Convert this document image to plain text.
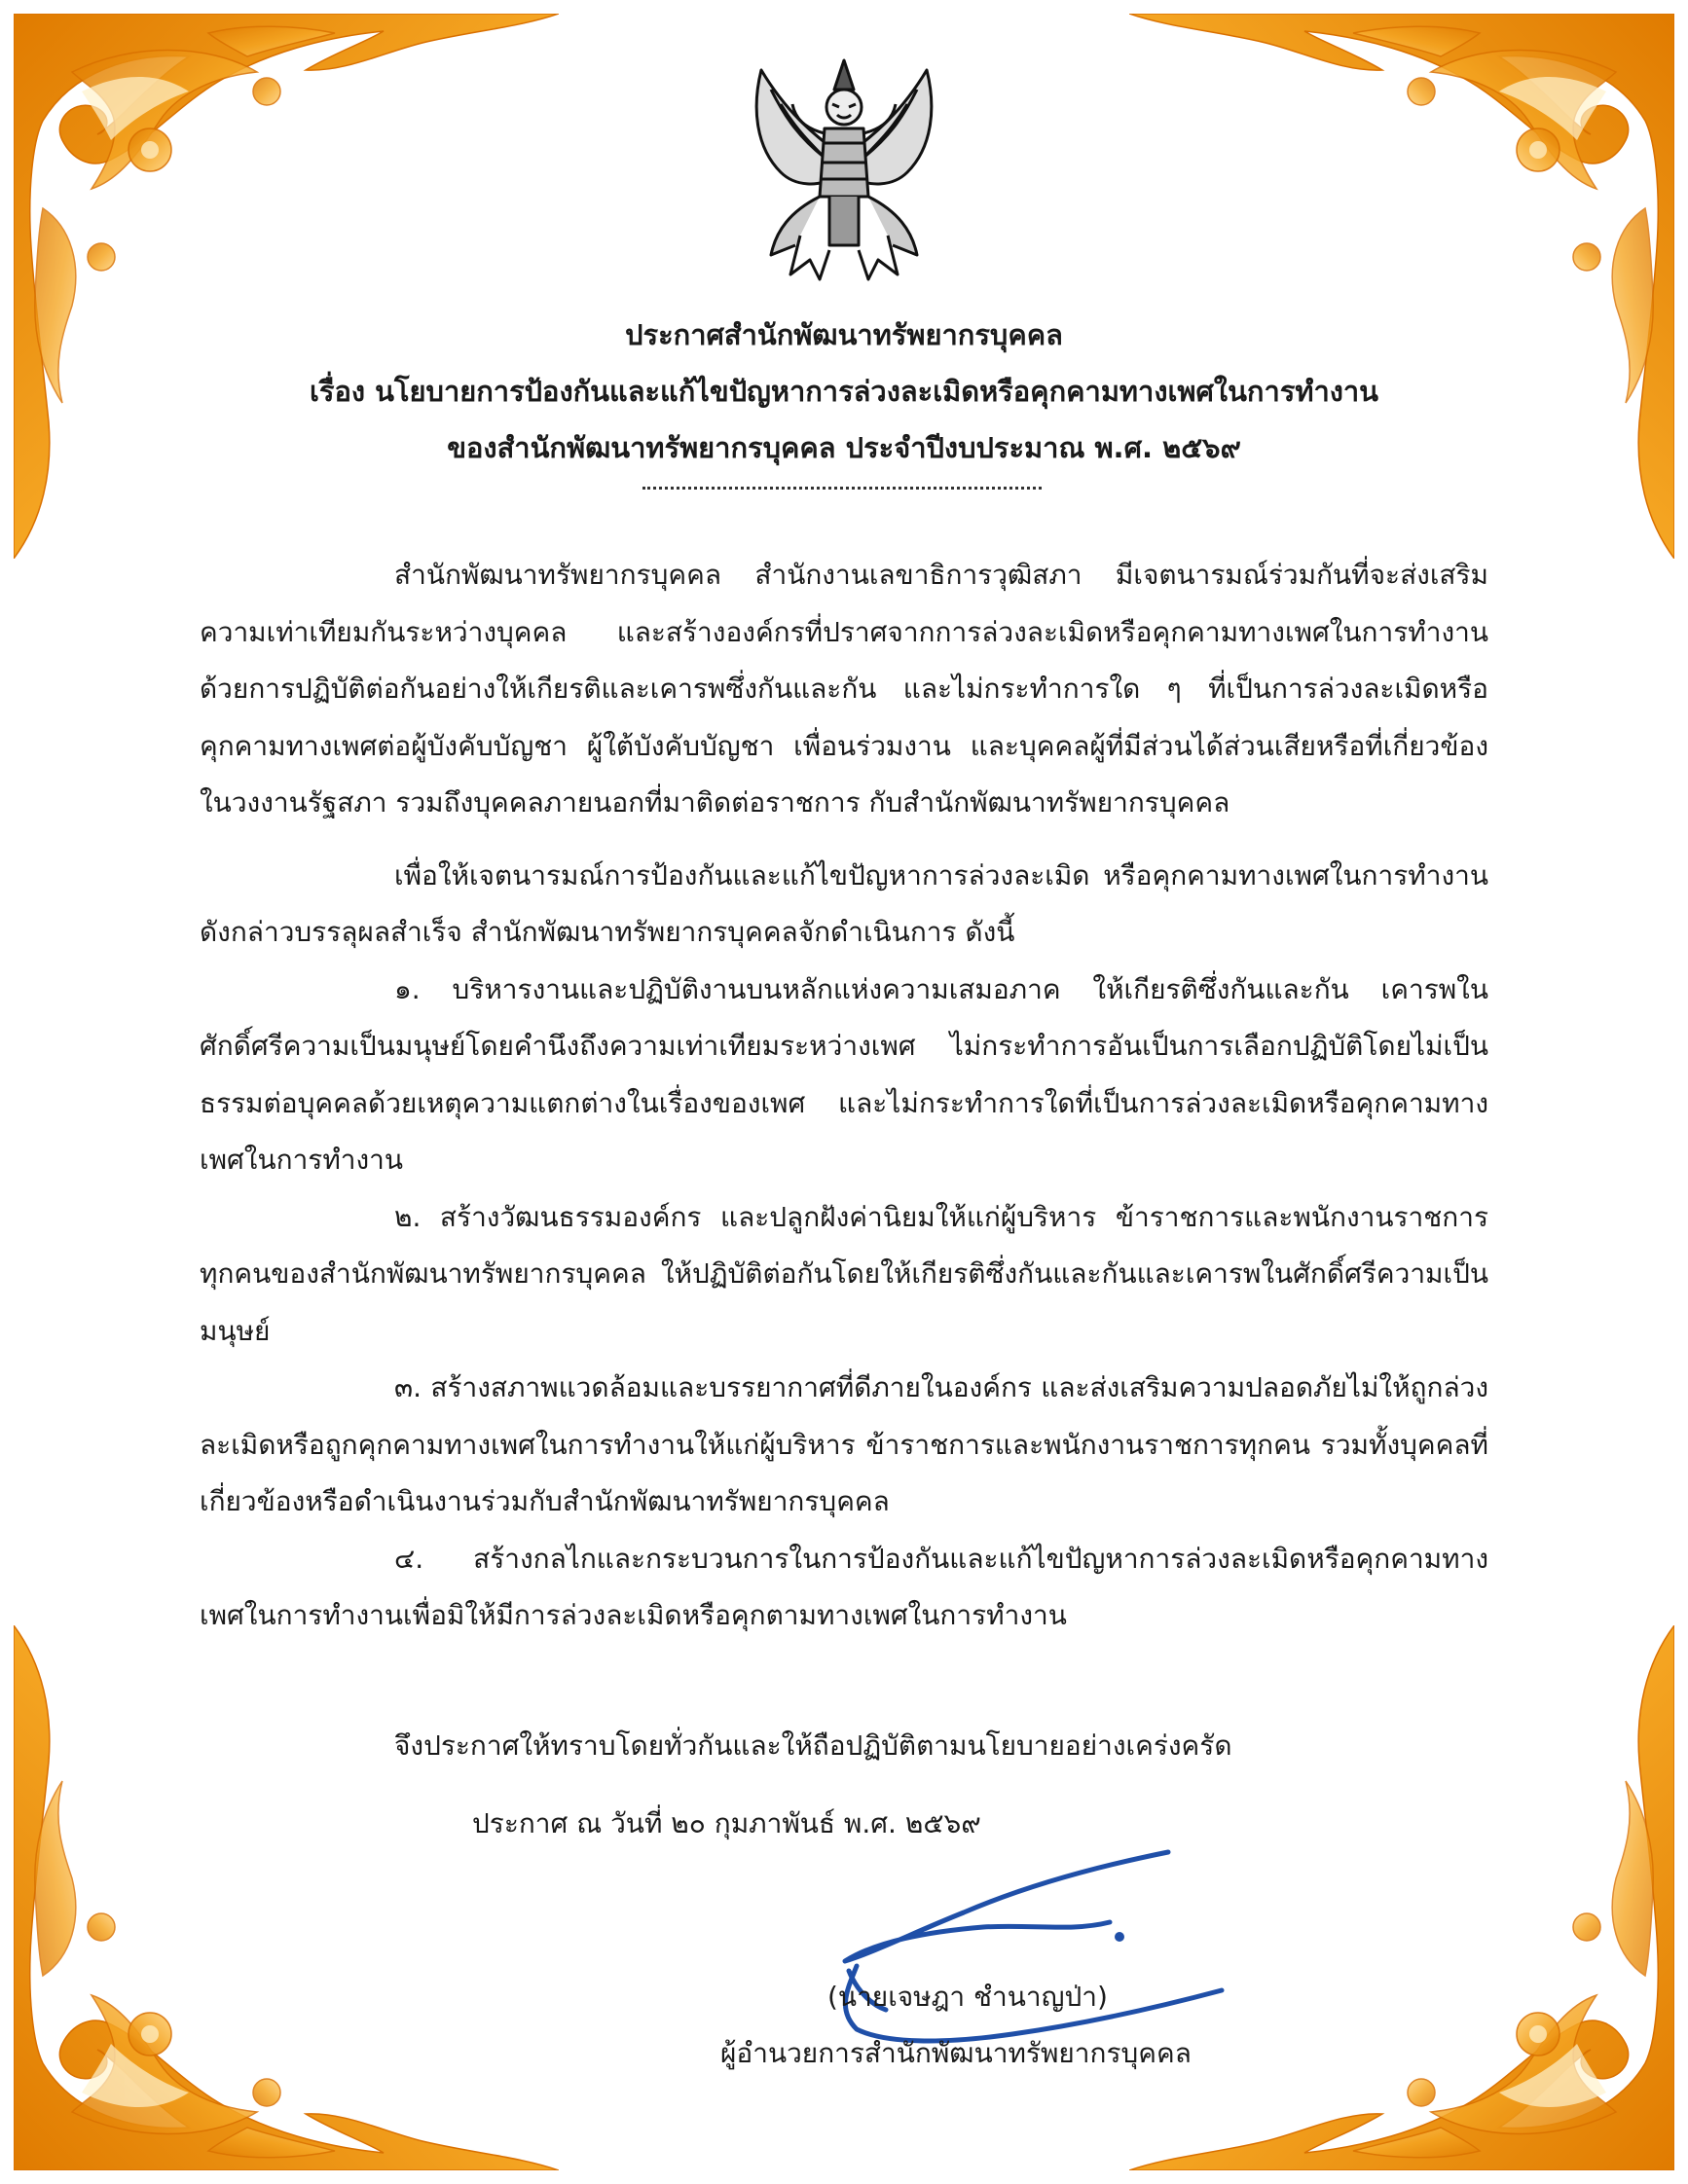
ประกาศสำนักพัฒนาทรัพยากรบุคคล
เรื่อง นโยบายการป้องกันและแก้ไขปัญหาการล่วงละเมิดหรือคุกคามทางเพศในการทำงาน
ของสำนักพัฒนาทรัพยากรบุคคล ประจำปีงบประมาณ พ.ศ. ๒๕๖๙

สำนักพัฒนาทรัพยากรบุคคล สำนักงานเลขาธิการวุฒิสภา มีเจตนารมณ์ร่วมกันที่จะส่งเสริมความเท่าเทียมกันระหว่างบุคคล และสร้างองค์กรที่ปราศจากการล่วงละเมิดหรือคุกคามทางเพศในการทำงาน ด้วยการปฏิบัติต่อกันอย่างให้เกียรติและเคารพซึ่งกันและกัน และไม่กระทำการใด ๆ ที่เป็นการล่วงละเมิดหรือคุกคามทางเพศต่อผู้บังคับบัญชา ผู้ใต้บังคับบัญชา เพื่อนร่วมงาน และบุคคลผู้ที่มีส่วนได้ส่วนเสียหรือที่เกี่ยวข้องในวงงานรัฐสภา รวมถึงบุคคลภายนอกที่มาติดต่อราชการ กับสำนักพัฒนาทรัพยากรบุคคล

เพื่อให้เจตนารมณ์การป้องกันและแก้ไขปัญหาการล่วงละเมิด หรือคุกคามทางเพศในการทำงานดังกล่าวบรรลุผลสำเร็จ สำนักพัฒนาทรัพยากรบุคคลจักดำเนินการ ดังนี้

๑. บริหารงานและปฏิบัติงานบนหลักแห่งความเสมอภาค ให้เกียรติซึ่งกันและกัน เคารพในศักดิ์ศรีความเป็นมนุษย์โดยคำนึงถึงความเท่าเทียมระหว่างเพศ ไม่กระทำการอันเป็นการเลือกปฏิบัติโดยไม่เป็นธรรมต่อบุคคลด้วยเหตุความแตกต่างในเรื่องของเพศ และไม่กระทำการใดที่เป็นการล่วงละเมิดหรือคุกคามทางเพศในการทำงาน

๒. สร้างวัฒนธรรมองค์กร และปลูกฝังค่านิยมให้แก่ผู้บริหาร ข้าราชการและพนักงานราชการทุกคนของสำนักพัฒนาทรัพยากรบุคคล ให้ปฏิบัติต่อกันโดยให้เกียรติซึ่งกันและกันและเคารพในศักดิ์ศรีความเป็นมนุษย์

๓. สร้างสภาพแวดล้อมและบรรยากาศที่ดีภายในองค์กร และส่งเสริมความปลอดภัยไม่ให้ถูกล่วงละเมิดหรือถูกคุกคามทางเพศในการทำงานให้แก่ผู้บริหาร ข้าราชการและพนักงานราชการทุกคน รวมทั้งบุคคลที่เกี่ยวข้องหรือดำเนินงานร่วมกับสำนักพัฒนาทรัพยากรบุคคล

๔. สร้างกลไกและกระบวนการในการป้องกันและแก้ไขปัญหาการล่วงละเมิดหรือคุกคามทางเพศในการทำงานเพื่อมิให้มีการล่วงละเมิดหรือคุกตามทางเพศในการทำงาน

จึงประกาศให้ทราบโดยทั่วกันและให้ถือปฏิบัติตามนโยบายอย่างเคร่งครัด
ประกาศ ณ วันที่ ๒๐ กุมภาพันธ์ พ.ศ. ๒๕๖๙
(นายเจษฎา ชำนาญป่า)
ผู้อำนวยการสำนักพัฒนาทรัพยากรบุคคล
